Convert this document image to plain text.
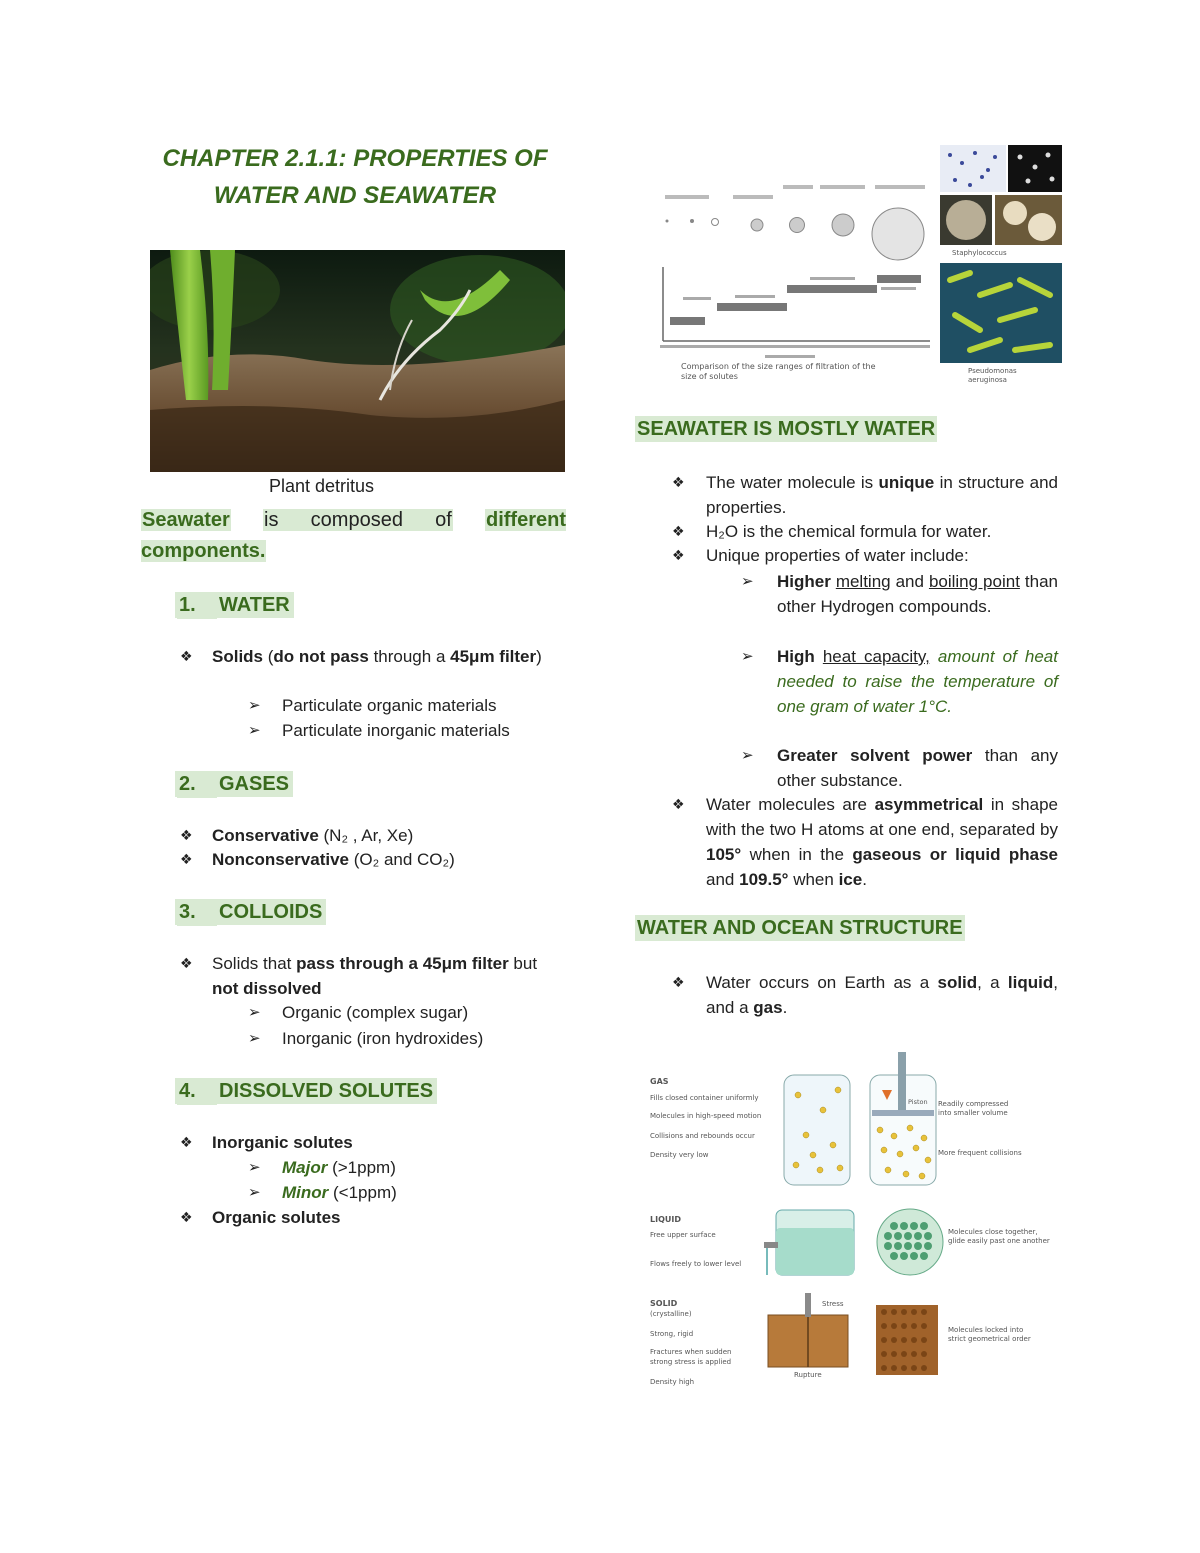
CHAPTER 2.1.1: PROPERTIES OF
WATER AND SEAWATER
Plant detritus
Seawater is composed of different components.
1. WATER
❖ Solids (do not pass through a 45μm filter)
➢ Particulate organic materials
➢ Particulate inorganic materials
2. GASES
❖ Conservative (N₂ , Ar, Xe)
❖ Nonconservative (O₂ and CO₂)
3. COLLOIDS
❖ Solids that pass through a 45μm filter but not dissolved
➢ Organic (complex sugar)
➢ Inorganic (iron hydroxides)
4. DISSOLVED SOLUTES
❖ Inorganic solutes
➢ Major (>1ppm)
➢ Minor (<1ppm)
❖ Organic solutes
Comparison of the size ranges of filtration of the
size of solutes
Staphylococcus
Pseudomonas
aeruginosa
SEAWATER IS MOSTLY WATER
❖ The water molecule is unique in structure and properties.
❖ H₂O is the chemical formula for water.
❖ Unique properties of water include:
➢ Higher melting and boiling point than other Hydrogen compounds.
➢ High heat capacity, amount of heat needed to raise the temperature of one gram of water 1°C.
➢ Greater solvent power than any other substance.
❖ Water molecules are asymmetrical in shape with the two H atoms at one end, separated by 105° when in the gaseous or liquid phase and 109.5° when ice.
WATER AND OCEAN STRUCTURE
❖ Water occurs on Earth as a solid, a liquid, and a gas.
GAS
Fills closed container uniformly
Molecules in high-speed motion
Collisions and rebounds occur
Density very low
Piston Readily compressed
into smaller volume
More frequent collisions
LIQUID
Free upper surface
Flows freely to lower level
Molecules close together,
glide easily past one another
SOLID
(crystalline)
Strong, rigid
Fractures when sudden
strong stress is applied
Density high
Stress
Rupture
Molecules locked into
strict geometrical order
